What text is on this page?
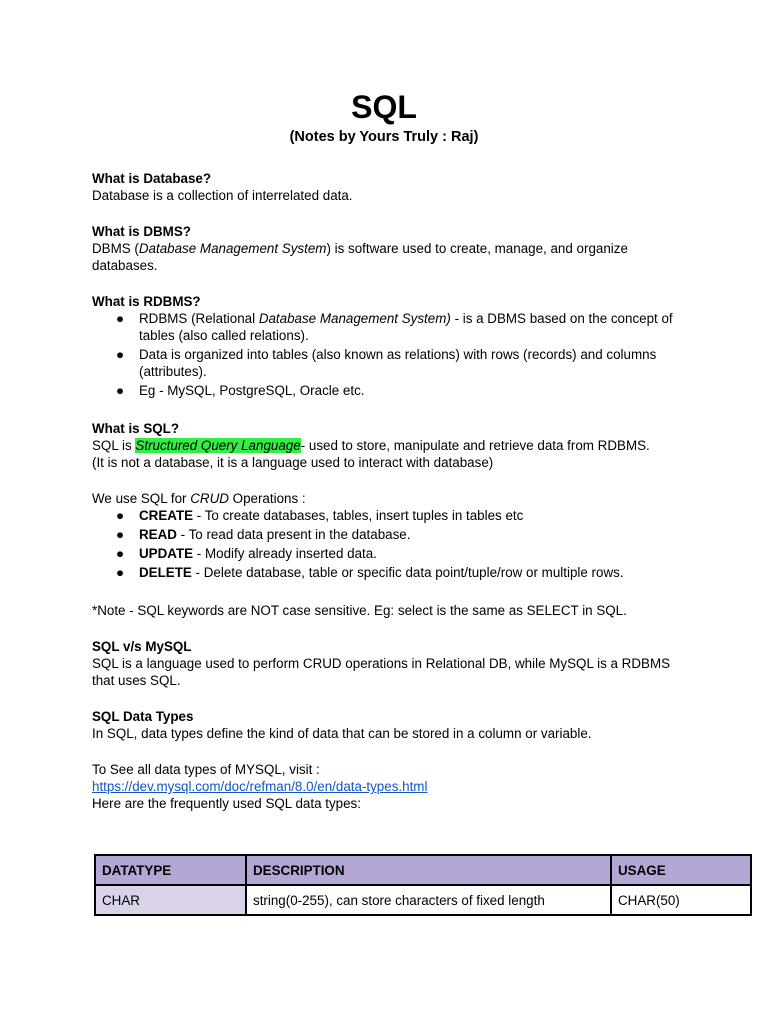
SQL
(Notes by Yours Truly : Raj)

What is Database?

Database is a collection of interrelated data.

What is DBMS?

DBMS (Database Management System) is software used to create, manage, and organize databases.

What is RDBMS?

● RDBMS (Relational Database Management System) - is a DBMS based on the concept of tables (also called relations).
● Data is organized into tables (also known as relations) with rows (records) and columns (attributes).
● Eg - MySQL, PostgreSQL, Oracle etc.

What is SQL?

SQL is Structured Query Language- used to store, manipulate and retrieve data from RDBMS.

(It is not a database, it is a language used to interact with database)

We use SQL for CRUD Operations :

● CREATE - To create databases, tables, insert tuples in tables etc
● READ - To read data present in the database.
● UPDATE - Modify already inserted data.
● DELETE - Delete database, table or specific data point/tuple/row or multiple rows.

*Note - SQL keywords are NOT case sensitive. Eg: select is the same as SELECT in SQL.

SQL v/s MySQL

SQL is a language used to perform CRUD operations in Relational DB, while MySQL is a RDBMS that uses SQL.

SQL Data Types

In SQL, data types define the kind of data that can be stored in a column or variable.

To See all data types of MYSQL, visit :

https://dev.mysql.com/doc/refman/8.0/en/data-types.html

Here are the frequently used SQL data types:

DATATYPE	DESCRIPTION	USAGE
CHAR	string(0-255), can store characters of fixed length	CHAR(50)
